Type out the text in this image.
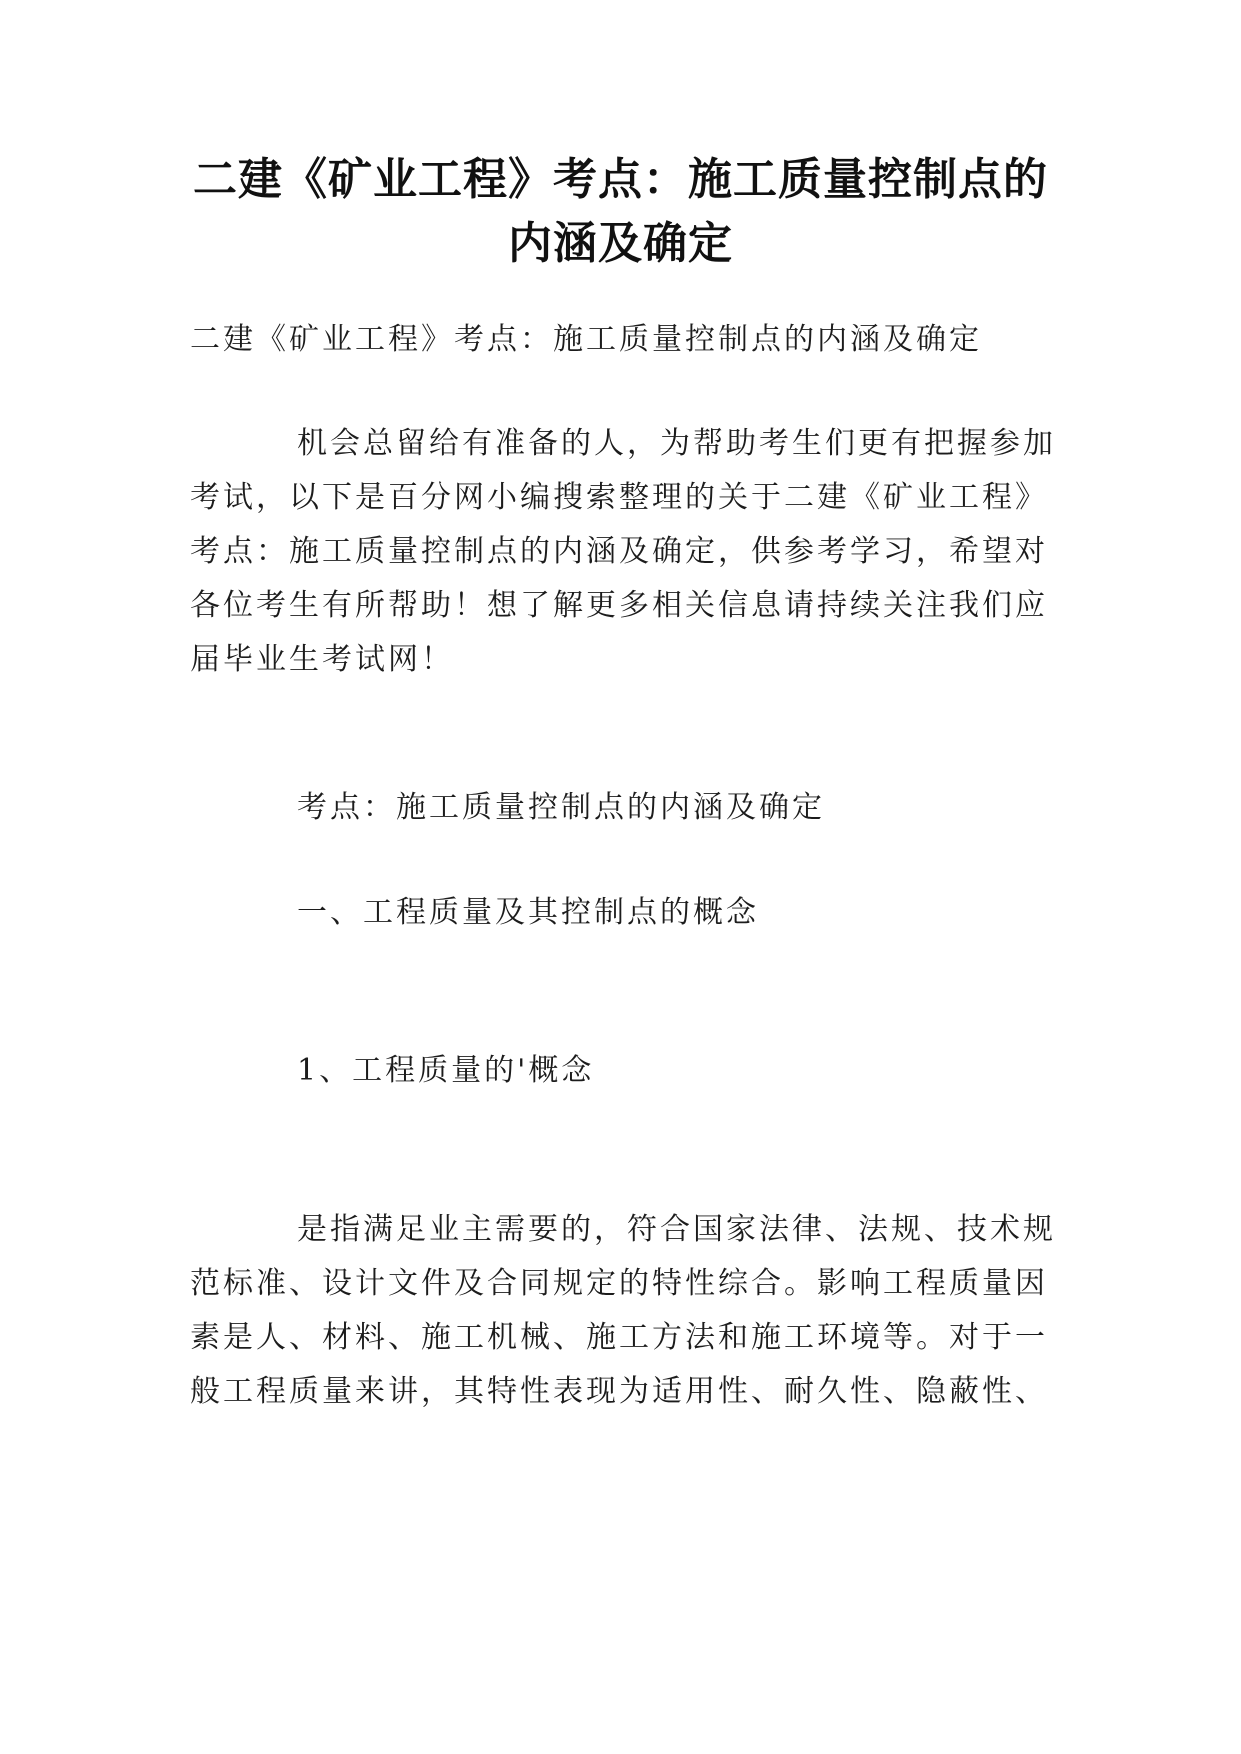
二建《矿业工程》考点：施工质量控制点的
内涵及确定
二建《矿业工程》考点：施工质量控制点的内涵及确定
机会总留给有准备的人，为帮助考生们更有把握参加
考试，以下是百分网小编搜索整理的关于二建《矿业工程》
考点：施工质量控制点的内涵及确定，供参考学习，希望对
各位考生有所帮助！想了解更多相关信息请持续关注我们应
届毕业生考试网！
考点：施工质量控制点的内涵及确定
一、工程质量及其控制点的概念
1、工程质量的'概念
是指满足业主需要的，符合国家法律、法规、技术规
范标准、设计文件及合同规定的特性综合。影响工程质量因
素是人、材料、施工机械、施工方法和施工环境等。对于一
般工程质量来讲，其特性表现为适用性、耐久性、隐蔽性、
